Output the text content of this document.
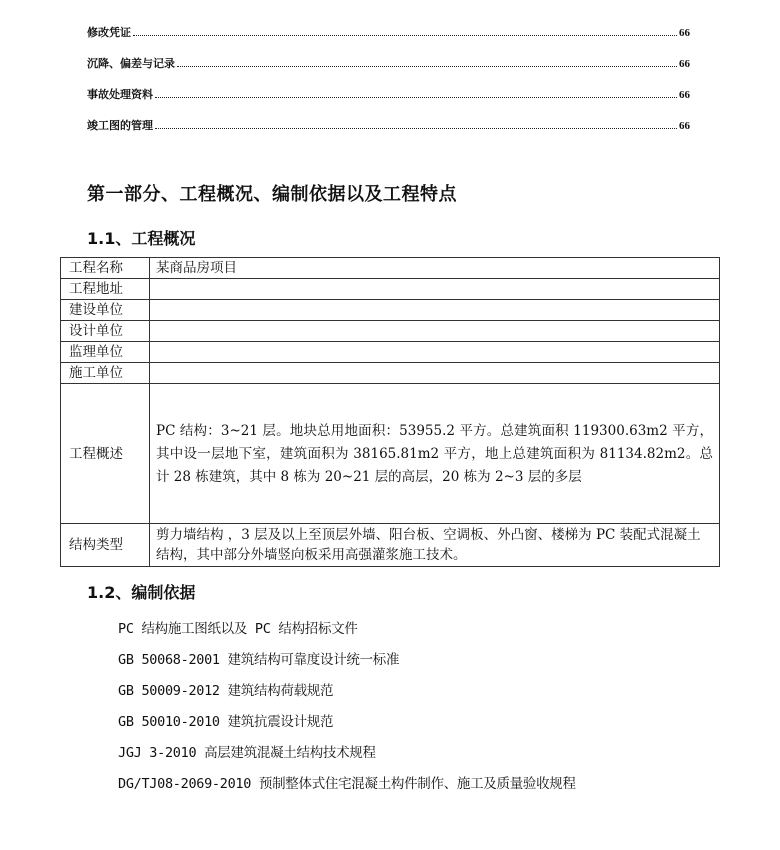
修改凭证	66
沉降、偏差与记录	66
事故处理资料	66
竣工图的管理	66
第一部分、工程概况、编制依据以及工程特点
1.1、工程概况
工程名称	某商品房项目
工程地址	
建设单位	
设计单位	
监理单位	
施工单位	
工程概述	PC 结构：3~21 层。地块总用地面积：53955.2 平方。总建筑面积 119300.63m2 平方，其中设一层地下室，建筑面积为 38165.81m2 平方，地上总建筑面积为 81134.82m2。总计 28 栋建筑，其中 8 栋为 20~21 层的高层，20 栋为 2~3 层的多层

结构类型	剪力墙结构 ，3 层及以上至顶层外墙、阳台板、空调板、外凸窗、楼梯为 PC 装配式混凝土结构，其中部分外墙竖向板采用高强灌浆施工技术。
1.2、编制依据
PC 结构施工图纸以及 PC 结构招标文件
GB 50068-2001 建筑结构可靠度设计统一标准
GB 50009-2012 建筑结构荷载规范
GB 50010-2010 建筑抗震设计规范
JGJ 3-2010 高层建筑混凝土结构技术规程
DG/TJ08-2069-2010 预制整体式住宅混凝土构件制作、施工及质量验收规程
